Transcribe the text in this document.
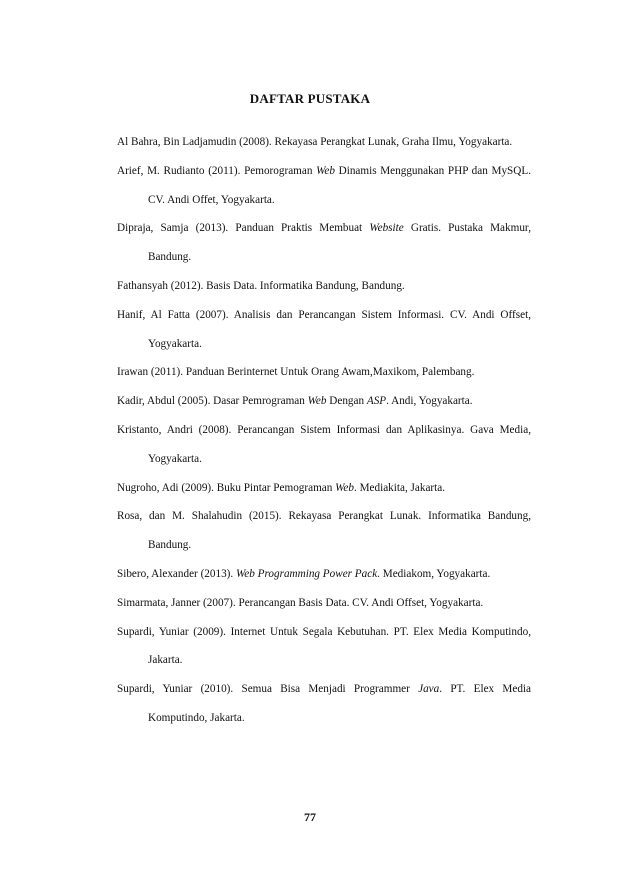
DAFTAR PUSTAKA
Al Bahra, Bin Ladjamudin (2008). Rekayasa Perangkat Lunak, Graha Ilmu, Yogyakarta.
Arief, M. Rudianto (2011). Pemorograman Web Dinamis Menggunakan PHP dan MySQL. CV. Andi Offet, Yogyakarta.
Dipraja, Samja (2013). Panduan Praktis Membuat Website Gratis. Pustaka Makmur, Bandung.
Fathansyah (2012). Basis Data. Informatika Bandung, Bandung.
Hanif, Al Fatta (2007). Analisis dan Perancangan Sistem Informasi. CV. Andi Offset, Yogyakarta.
Irawan (2011). Panduan Berinternet Untuk Orang Awam,Maxikom, Palembang.
Kadir, Abdul (2005). Dasar Pemrograman Web Dengan ASP. Andi, Yogyakarta.
Kristanto, Andri (2008). Perancangan Sistem Informasi dan Aplikasinya. Gava Media, Yogyakarta.
Nugroho, Adi (2009). Buku Pintar Pemograman Web. Mediakita, Jakarta.
Rosa, dan M. Shalahudin (2015). Rekayasa Perangkat Lunak. Informatika Bandung, Bandung.
Sibero, Alexander (2013). Web Programming Power Pack. Mediakom, Yogyakarta.
Simarmata, Janner (2007). Perancangan Basis Data. CV. Andi Offset, Yogyakarta.
Supardi, Yuniar (2009). Internet Untuk Segala Kebutuhan. PT. Elex Media Komputindo, Jakarta.
Supardi, Yuniar (2010). Semua Bisa Menjadi Programmer Java. PT. Elex Media Komputindo, Jakarta.
77
